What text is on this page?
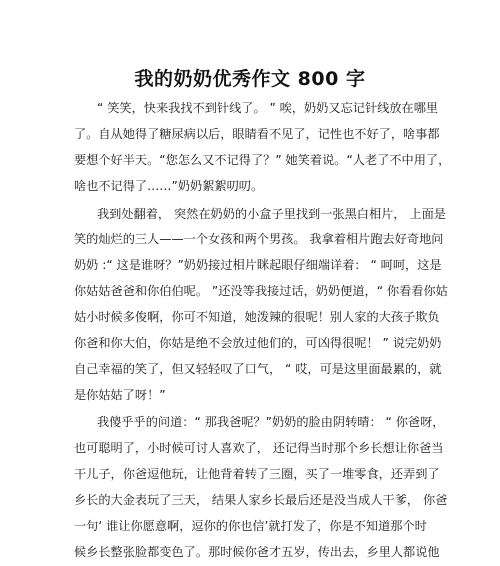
我的奶奶优秀作文 800 字
“ 笑笑，快来我找不到针线了。 ” 唉，奶奶又忘记针线放在哪里
了。自从她得了糖尿病以后，眼睛看不见了，记性也不好了，啥事都
要想个好半天。“您怎么又不记得了？” 她笑着说。“人老了不中用了，
啥也不记得了……”奶奶絮絮叨叨。
我到处翻着， 突然在奶奶的小盒子里找到一张黑白相片， 上面是
笑的灿烂的三人——一个女孩和两个男孩。 我拿着相片跑去好奇地问
奶奶 :“ 这是谁呀？”奶奶接过相片眯起眼仔细端详着： “ 呵呵，这是
你姑姑爸爸和你伯伯呢。 ”还没等我接过话，奶奶便道，“ 你看看你姑
姑小时候多俊啊，你可不知道，她泼辣的很呢！别人家的大孩子欺负
你爸和你大伯，你姑是绝不会放过他们的，可凶得很呢！ ” 说完奶奶
自己幸福的笑了，但又轻轻叹了口气， “ 哎，可是这里面最累的，就
是你姑姑了呀！”
我傻乎乎的问道：“ 那我爸呢？”奶奶的脸由阴转晴： “ 你爸呀，
也可聪明了，小时候可讨人喜欢了， 还记得当时那个乡长想让你爸当
干儿子，你爸逗他玩，让他背着转了三圈，买了一堆零食，还弄到了
乡长的大金表玩了三天， 结果人家乡长最后还是没当成人干爹， 你爸
一句‘ 谁让你愿意啊，逗你的你也信’就打发了，你是不知道那个时
候乡长整张脸都变色了。那时候你爸才五岁，传出去，乡里人都说他
